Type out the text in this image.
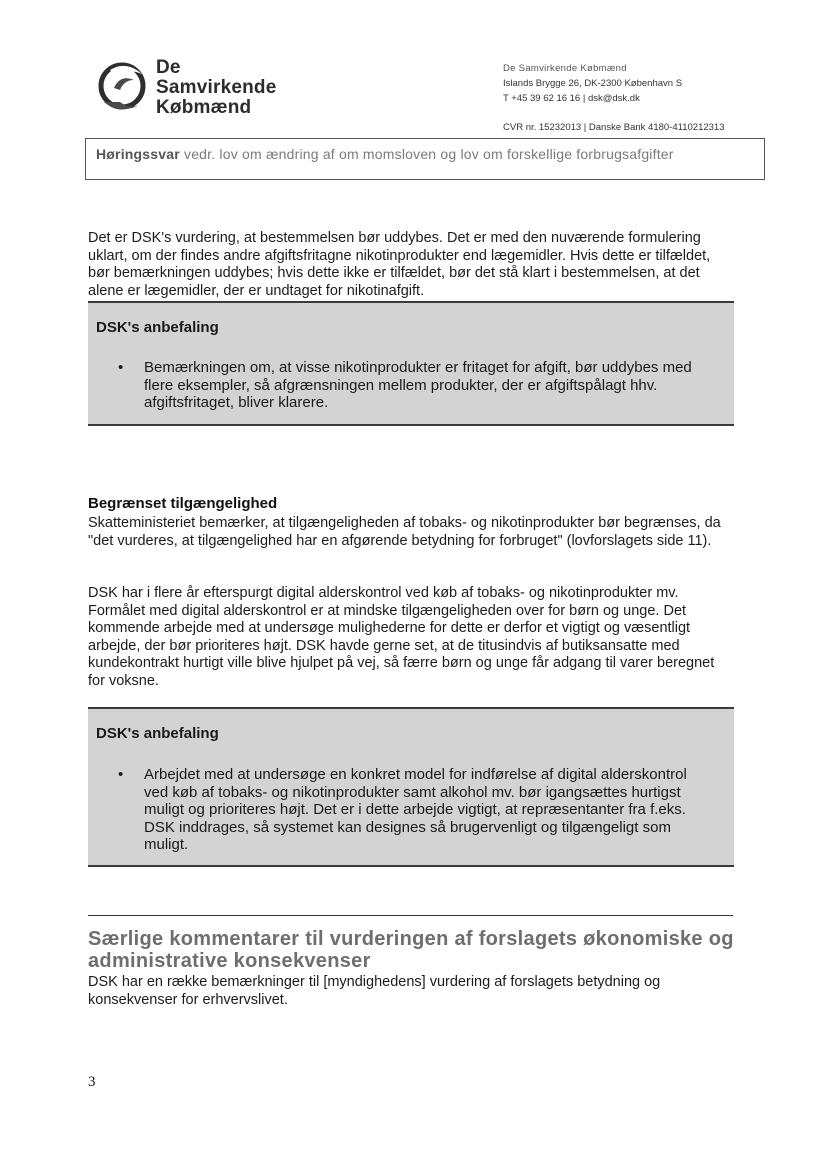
De
Samvirkende
Købmænd
De Samvirkende Købmænd
Islands Brygge 26, DK-2300 København S
T +45 39 62 16 16 | dsk@dsk.dk
CVR nr. 15232013 | Danske Bank 4180-4110212313
Høringssvar vedr. lov om ændring af om momsloven og lov om forskellige forbrugsafgifter
Det er DSK's vurdering, at bestemmelsen bør uddybes. Det er med den nuværende formulering uklart, om der findes andre afgiftsfritagne nikotinprodukter end lægemidler. Hvis dette er tilfældet, bør bemærkningen uddybes; hvis dette ikke er tilfældet, bør det stå klart i bestemmelsen, at det alene er lægemidler, der er undtaget for nikotinafgift.
DSK's anbefaling
• Bemærkningen om, at visse nikotinprodukter er fritaget for afgift, bør uddybes med flere eksempler, så afgrænsningen mellem produkter, der er afgiftspålagt hhv. afgiftsfritaget, bliver klarere.
Begrænset tilgængelighed
Skatteministeriet bemærker, at tilgængeligheden af tobaks- og nikotinprodukter bør begrænses, da "det vurderes, at tilgængelighed har en afgørende betydning for forbruget" (lovforslagets side 11).
DSK har i flere år efterspurgt digital alderskontrol ved køb af tobaks- og nikotinprodukter mv. Formålet med digital alderskontrol er at mindske tilgængeligheden over for børn og unge. Det kommende arbejde med at undersøge mulighederne for dette er derfor et vigtigt og væsentligt arbejde, der bør prioriteres højt. DSK havde gerne set, at de titusindvis af butiksansatte med kundekontrakt hurtigt ville blive hjulpet på vej, så færre børn og unge får adgang til varer beregnet for voksne.
DSK's anbefaling
• Arbejdet med at undersøge en konkret model for indførelse af digital alderskontrol ved køb af tobaks- og nikotinprodukter samt alkohol mv. bør igangsættes hurtigst muligt og prioriteres højt. Det er i dette arbejde vigtigt, at repræsentanter fra f.eks. DSK inddrages, så systemet kan designes så brugervenligt og tilgængeligt som muligt.
Særlige kommentarer til vurderingen af forslagets økonomiske og administrative konsekvenser
DSK har en række bemærkninger til [myndighedens] vurdering af forslagets betydning og konsekvenser for erhvervslivet.
3
